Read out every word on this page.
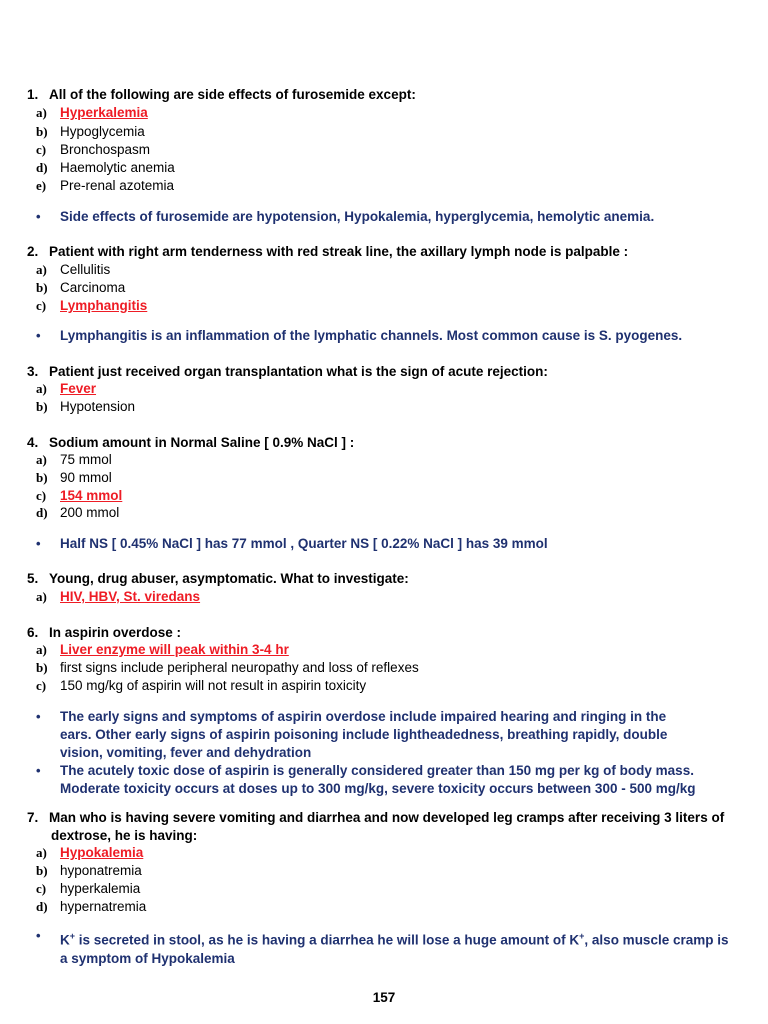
1. All of the following are side effects of furosemide except:
a) Hyperkalemia
b) Hypoglycemia
c) Bronchospasm
d) Haemolytic anemia
e) Pre-renal azotemia
•	Side effects of furosemide are hypotension, Hypokalemia, hyperglycemia, hemolytic anemia.
2. Patient with right arm tenderness with red streak line, the axillary lymph node is palpable :
a) Cellulitis
b) Carcinoma
c) Lymphangitis
•	Lymphangitis is an inflammation of the lymphatic channels. Most common cause is S. pyogenes.
3. Patient just received organ transplantation what is the sign of acute rejection:
a) Fever
b) Hypotension
4. Sodium amount in Normal Saline [ 0.9% NaCl ] :
a) 75 mmol
b) 90 mmol
c) 154 mmol
d) 200 mmol
•	Half NS [ 0.45% NaCl ] has 77 mmol , Quarter NS [ 0.22% NaCl ] has 39 mmol
5. Young, drug abuser, asymptomatic. What to investigate:
a) HIV, HBV, St. viredans
6. In aspirin overdose :
a) Liver enzyme will peak within 3-4 hr
b) first signs include peripheral neuropathy and loss of reflexes
c) 150 mg/kg of aspirin will not result in aspirin toxicity
•	The early signs and symptoms of aspirin overdose include impaired hearing and ringing in the ears. Other early signs of aspirin poisoning include lightheadedness, breathing rapidly, double vision, vomiting, fever and dehydration
•	The acutely toxic dose of aspirin is generally considered greater than 150 mg per kg of body mass. Moderate toxicity occurs at doses up to 300 mg/kg, severe toxicity occurs between 300 - 500 mg/kg
7. Man who is having severe vomiting and diarrhea and now developed leg cramps after receiving 3 liters of
dextrose, he is having:
a) Hypokalemia
b) hyponatremia
c) hyperkalemia
d) hypernatremia
•	K+ is secreted in stool, as he is having a diarrhea he will lose a huge amount of K+, also muscle cramp is a symptom of Hypokalemia
157
